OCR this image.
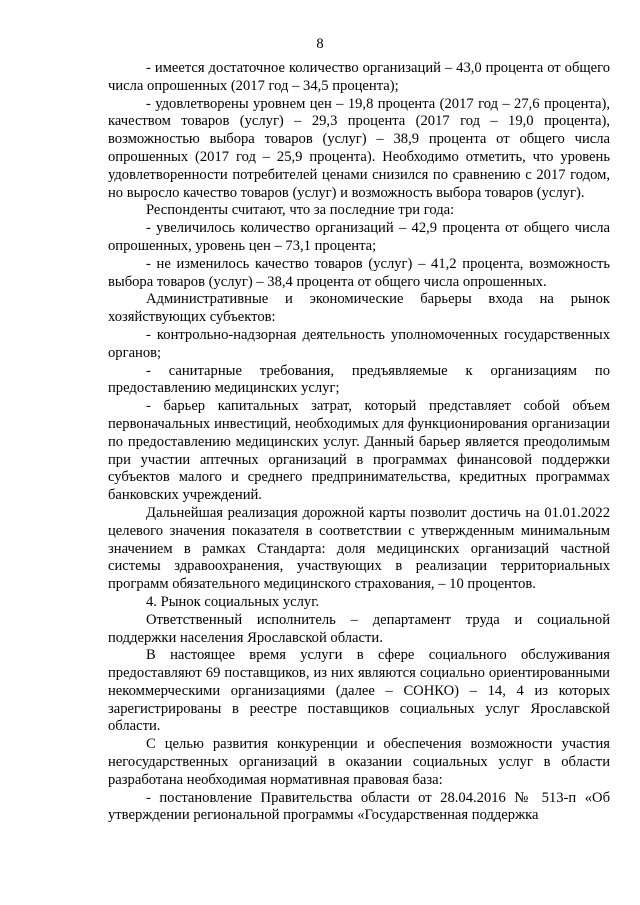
8

- имеется достаточное количество организаций – 43,0 процента от общего числа опрошенных (2017 год – 34,5 процента);

- удовлетворены уровнем цен – 19,8 процента (2017 год – 27,6 процента), качеством товаров (услуг) – 29,3 процента (2017 год – 19,0 процента), возможностью выбора товаров (услуг) – 38,9 процента от общего числа опрошенных (2017 год – 25,9 процента). Необходимо отметить, что уровень удовлетворенности потребителей ценами снизился по сравнению с 2017 годом, но выросло качество товаров (услуг) и возможность выбора товаров (услуг).

Респонденты считают, что за последние три года:

- увеличилось количество организаций – 42,9 процента от общего числа опрошенных, уровень цен – 73,1 процента;

- не изменилось качество товаров (услуг) – 41,2 процента, возможность выбора товаров (услуг) – 38,4 процента от общего числа опрошенных.

Административные и экономические барьеры входа на рынок хозяйствующих субъектов:

- контрольно-надзорная деятельность уполномоченных государственных органов;

- санитарные требования, предъявляемые к организациям по предоставлению медицинских услуг;

- барьер капитальных затрат, который представляет собой объем первоначальных инвестиций, необходимых для функционирования организации по предоставлению медицинских услуг. Данный барьер является преодолимым при участии аптечных организаций в программах финансовой поддержки субъектов малого и среднего предпринимательства, кредитных программах банковских учреждений.

Дальнейшая реализация дорожной карты позволит достичь на 01.01.2022 целевого значения показателя в соответствии с утвержденным минимальным значением в рамках Стандарта: доля медицинских организаций частной системы здравоохранения, участвующих в реализации территориальных программ обязательного медицинского страхования, – 10 процентов.

4. Рынок социальных услуг.

Ответственный исполнитель – департамент труда и социальной поддержки населения Ярославской области.

В настоящее время услуги в сфере социального обслуживания предоставляют 69 поставщиков, из них являются социально ориентированными некоммерческими организациями (далее – СОНКО) – 14, 4 из которых зарегистрированы в реестре поставщиков социальных услуг Ярославской области.

С целью развития конкуренции и обеспечения возможности участия негосударственных организаций в оказании социальных услуг в области разработана необходимая нормативная правовая база:

- постановление Правительства области от 28.04.2016 № 513-п «Об утверждении региональной программы «Государственная поддержка
